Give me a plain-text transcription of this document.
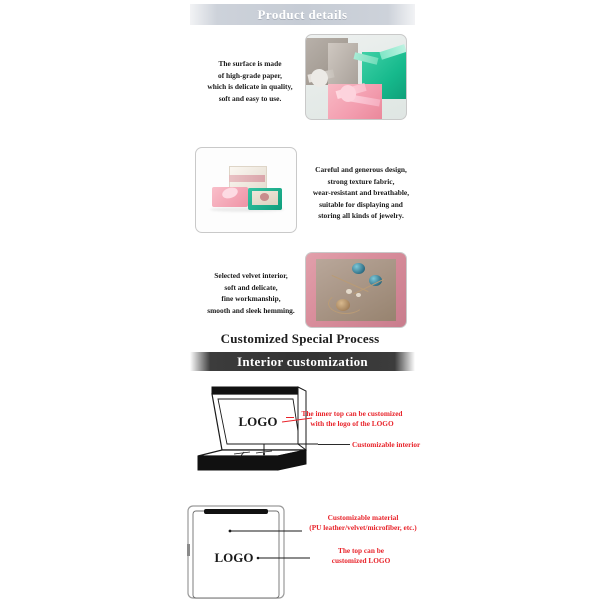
Product details
The surface is made
of high-grade paper,
which is delicate in quality,
soft and easy to use.
Careful and generous design,
strong texture fabric,
wear-resistant and breathable,
suitable for displaying and
storing all kinds of jewelry.
Selected velvet interior,
soft and delicate,
fine workmanship,
smooth and sleek hemming.
Customized Special Process
Interior customization
LOGO
The inner top can be customized
with the logo of the LOGO
Customizable interior
LOGO
Customizable material
(PU leather/velvet/microfiber, etc.)
The top can be
customized LOGO
